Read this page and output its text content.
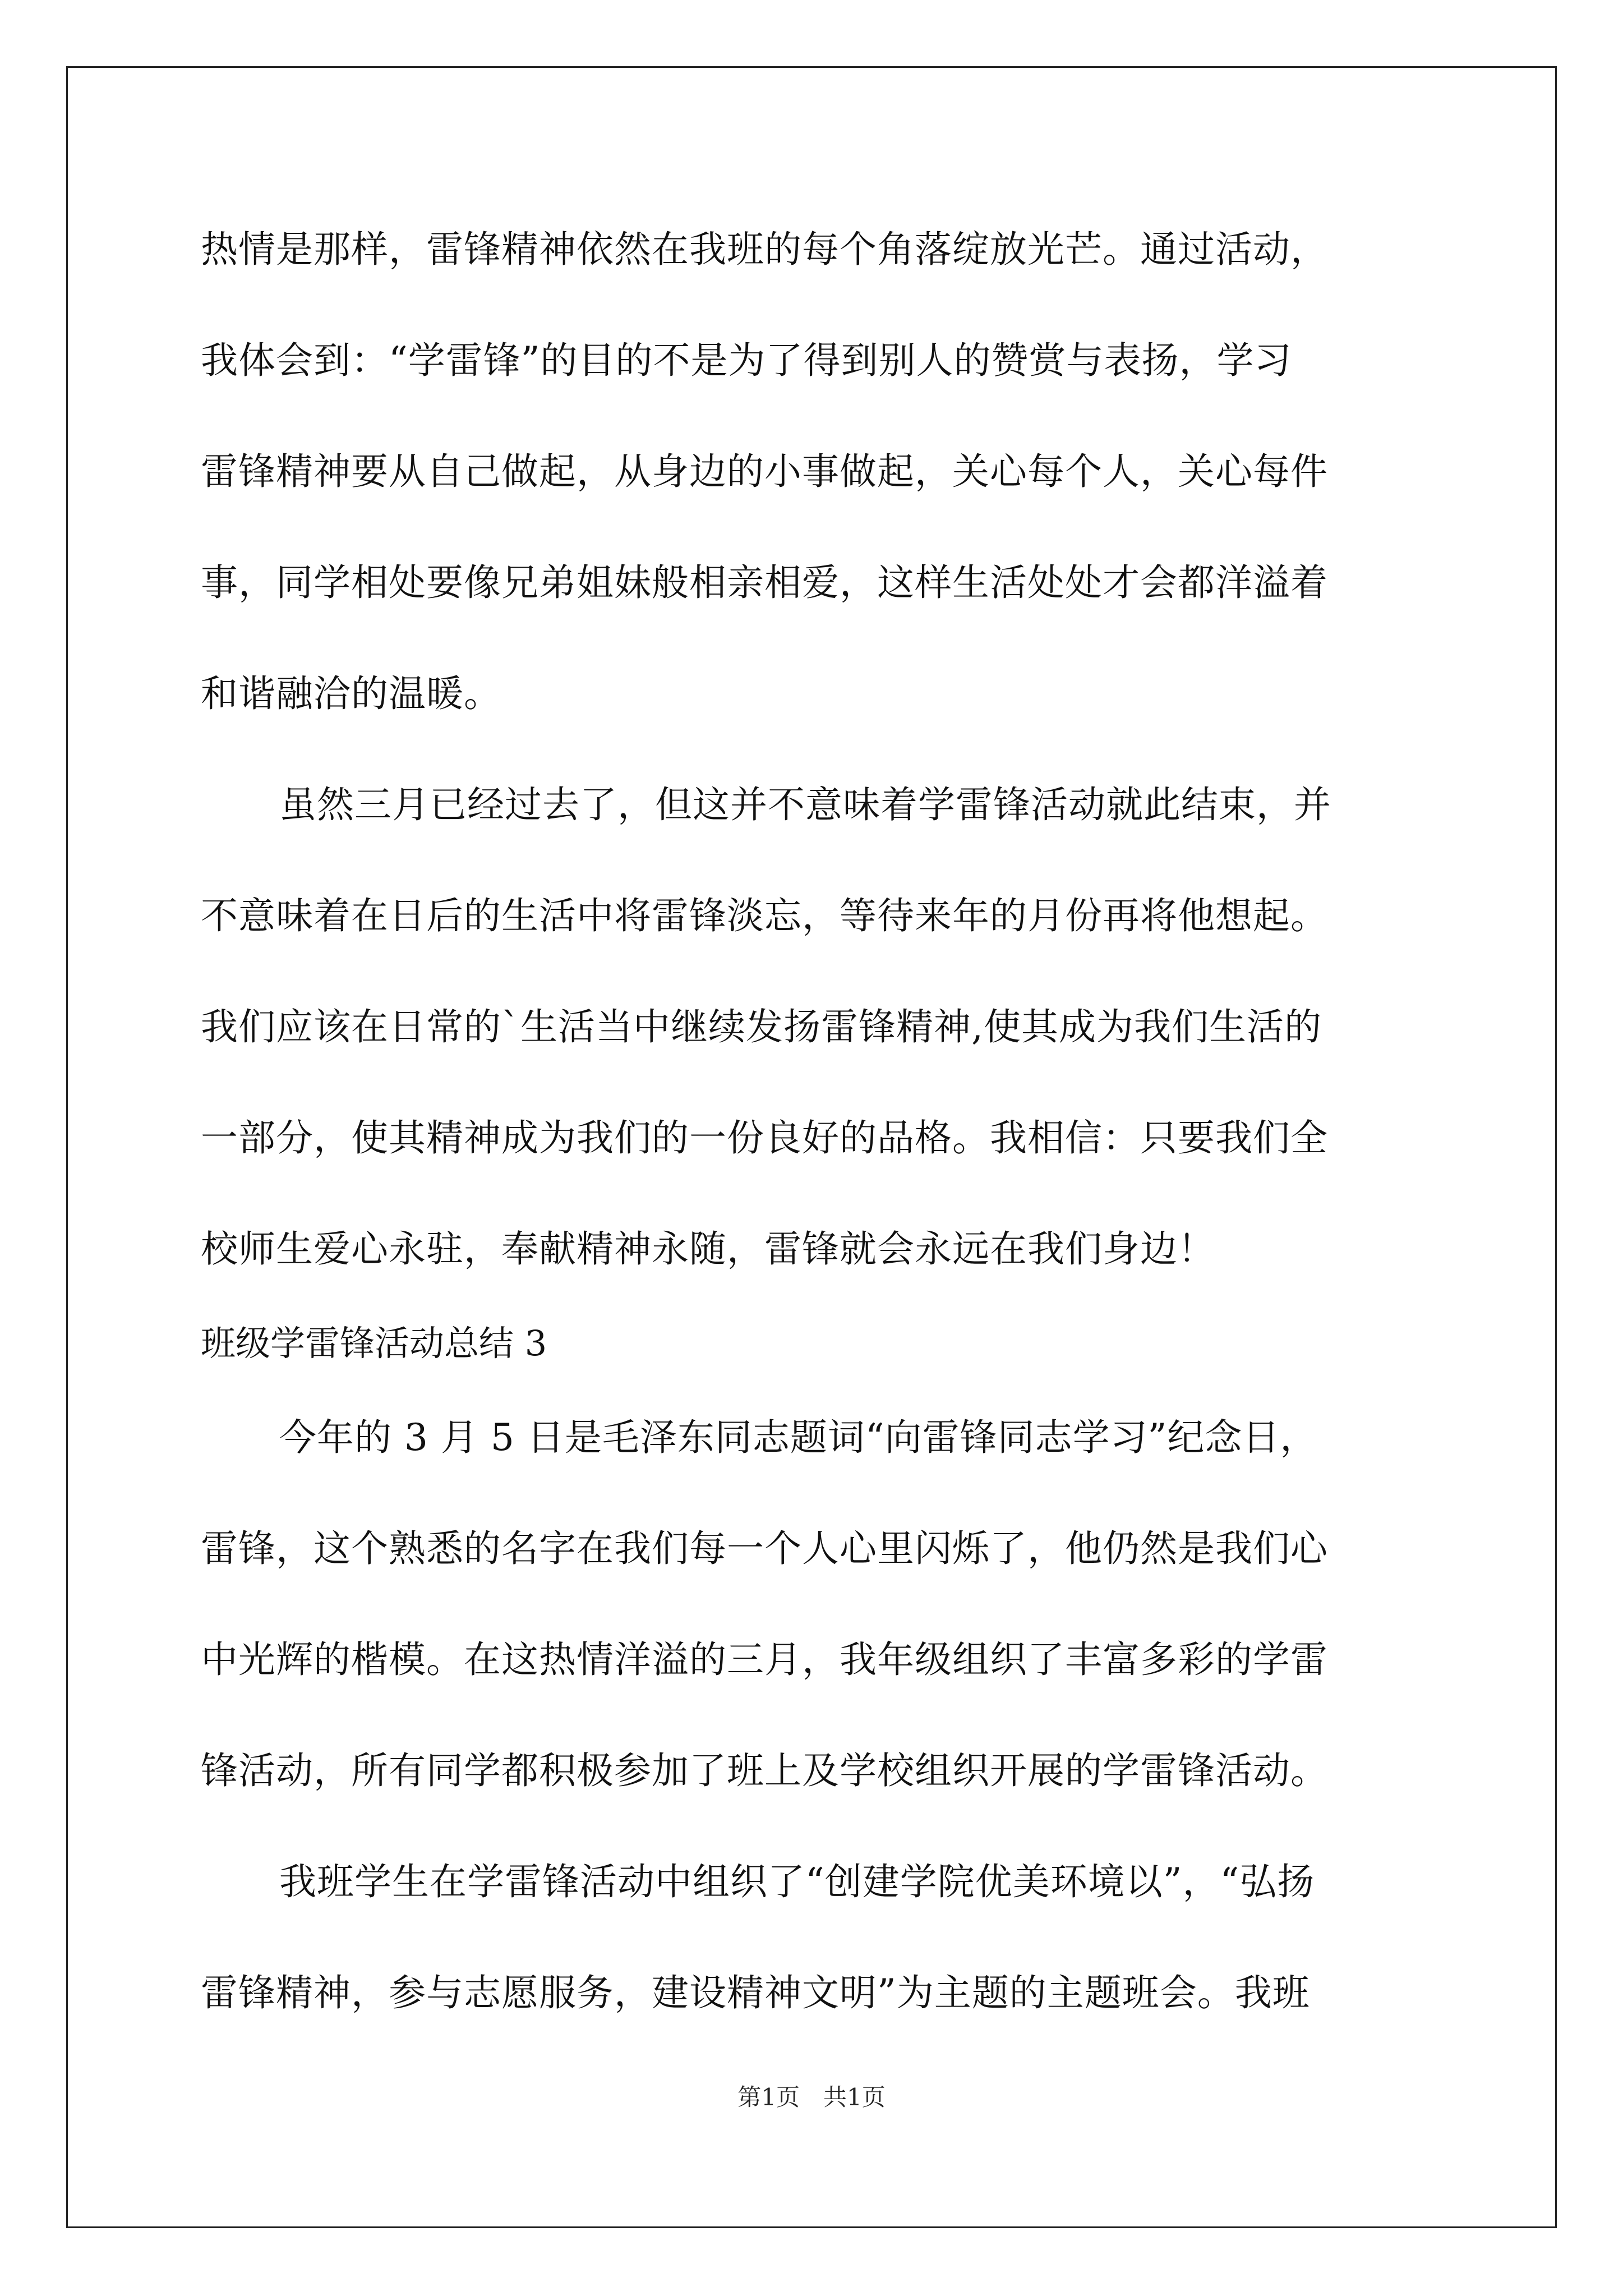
热情是那样，雷锋精神依然在我班的每个角落绽放光芒。通过活动，
我体会到：“学雷锋”的目的不是为了得到别人的赞赏与表扬，学习
雷锋精神要从自己做起，从身边的小事做起，关心每个人，关心每件
事，同学相处要像兄弟姐妹般相亲相爱，这样生活处处才会都洋溢着
和谐融洽的温暖。
虽然三月已经过去了，但这并不意味着学雷锋活动就此结束，并
不意味着在日后的生活中将雷锋淡忘，等待来年的月份再将他想起。
我们应该在日常的`生活当中继续发扬雷锋精神,使其成为我们生活的
一部分，使其精神成为我们的一份良好的品格。我相信：只要我们全
校师生爱心永驻，奉献精神永随，雷锋就会永远在我们身边！
班级学雷锋活动总结 3
今年的 3 月 5 日是毛泽东同志题词“向雷锋同志学习”纪念日，
雷锋，这个熟悉的名字在我们每一个人心里闪烁了，他仍然是我们心
中光辉的楷模。在这热情洋溢的三月，我年级组织了丰富多彩的学雷
锋活动，所有同学都积极参加了班上及学校组织开展的学雷锋活动。
我班学生在学雷锋活动中组织了“创建学院优美环境以”，“弘扬
雷锋精神，参与志愿服务，建设精神文明”为主题的主题班会。我班
第1页　共1页
